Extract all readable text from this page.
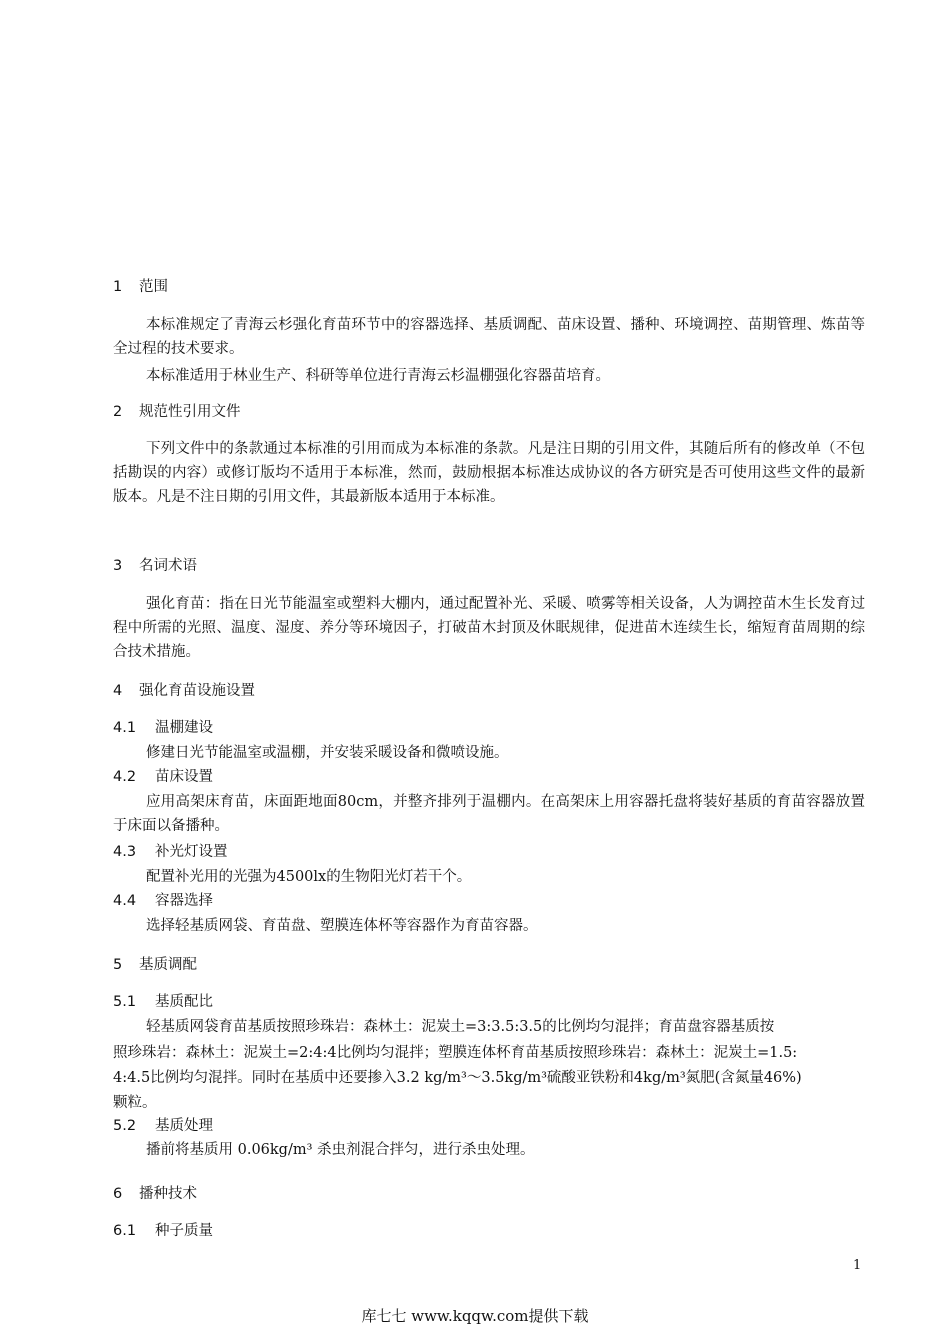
1 范围
本标准规定了青海云杉强化育苗环节中的容器选择、基质调配、苗床设置、播种、环境调控、苗期管理、炼苗等全过程的技术要求。
本标准适用于林业生产、科研等单位进行青海云杉温棚强化容器苗培育。
2 规范性引用文件
下列文件中的条款通过本标准的引用而成为本标准的条款。凡是注日期的引用文件，其随后所有的修改单（不包括勘误的内容）或修订版均不适用于本标准，然而，鼓励根据本标准达成协议的各方研究是否可使用这些文件的最新版本。凡是不注日期的引用文件，其最新版本适用于本标准。
3 名词术语
强化育苗：指在日光节能温室或塑料大棚内，通过配置补光、采暖、喷雾等相关设备，人为调控苗木生长发育过程中所需的光照、温度、湿度、养分等环境因子，打破苗木封顶及休眠规律，促进苗木连续生长，缩短育苗周期的综合技术措施。
4 强化育苗设施设置
4.1 温棚建设
修建日光节能温室或温棚，并安装采暖设备和微喷设施。
4.2 苗床设置
应用高架床育苗，床面距地面80cm，并整齐排列于温棚内。在高架床上用容器托盘将装好基质的育苗容器放置于床面以备播种。
4.3 补光灯设置
配置补光用的光强为4500lx的生物阳光灯若干个。
4.4 容器选择
选择轻基质网袋、育苗盘、塑膜连体杯等容器作为育苗容器。
5 基质调配
5.1 基质配比
轻基质网袋育苗基质按照珍珠岩：森林土：泥炭土=3:3.5:3.5的比例均匀混拌；育苗盘容器基质按
照珍珠岩：森林土：泥炭土=2:4:4比例均匀混拌；塑膜连体杯育苗基质按照珍珠岩：森林土：泥炭土=1.5:
4:4.5比例均匀混拌。同时在基质中还要掺入3.2 kg/m³～3.5kg/m³硫酸亚铁粉和4kg/m³氮肥(含氮量46%)
颗粒。
5.2 基质处理
播前将基质用 0.06kg/m³ 杀虫剂混合拌匀，进行杀虫处理。
6 播种技术
6.1 种子质量
1
库七七 www.kqqw.com提供下载
